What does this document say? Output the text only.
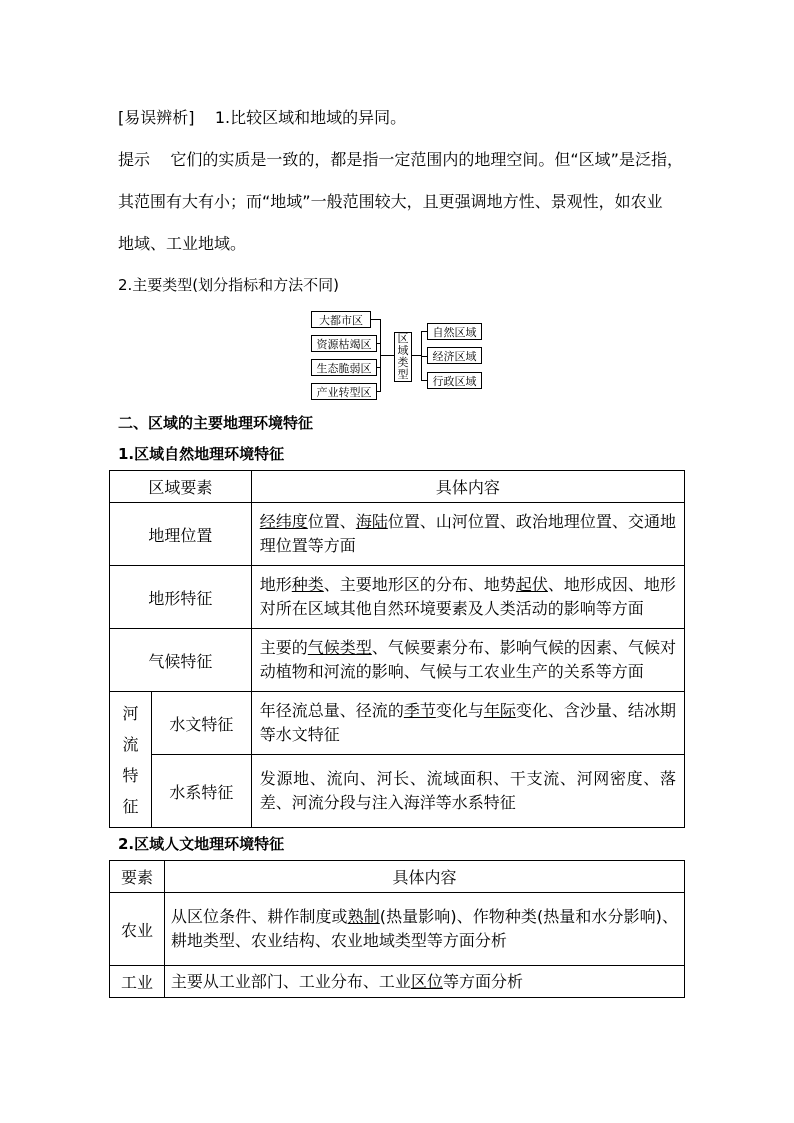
[易误辨析] 1.比较区域和地域的异同。
提示 它们的实质是一致的，都是指一定范围内的地理空间。但“区域”是泛指，
其范围有大有小；而“地域”一般范围较大，且更强调地方性、景观性，如农业
地域、工业地域。
2.主要类型(划分指标和方法不同)
大都市区
资源枯竭区
生态脆弱区
产业转型区
区
域
类
型
自然区域
经济区域
行政区域
二、区域的主要地理环境特征
1.区域自然地理环境特征
区域要素		具体内容
地理位置		经纬度位置、海陆位置、山河位置、政治地理位置、交通地理位置等方面

地形特征		地形种类、主要地形区的分布、地势起伏、地形成因、地形对所在区域其他自然环境要素及人类活动的影响等方面

气候特征		主要的气候类型、气候要素分布、影响气候的因素、气候对动植物和河流的影响、气候与工农业生产的关系等方面

河
流
特
征	水文特征	年径流总量、径流的季节变化与年际变化、含沙量、结冰期等水文特征

	水系特征	发源地、流向、河长、流域面积、干支流、河网密度、落差、河流分段与注入海洋等水系特征
2.区域人文地理环境特征
要素	具体内容
农业	从区位条件、耕作制度或熟制(热量影响)、作物种类(热量和水分影响)、耕地类型、农业结构、农业地域类型等方面分析

工业	主要从工业部门、工业分布、工业区位等方面分析
